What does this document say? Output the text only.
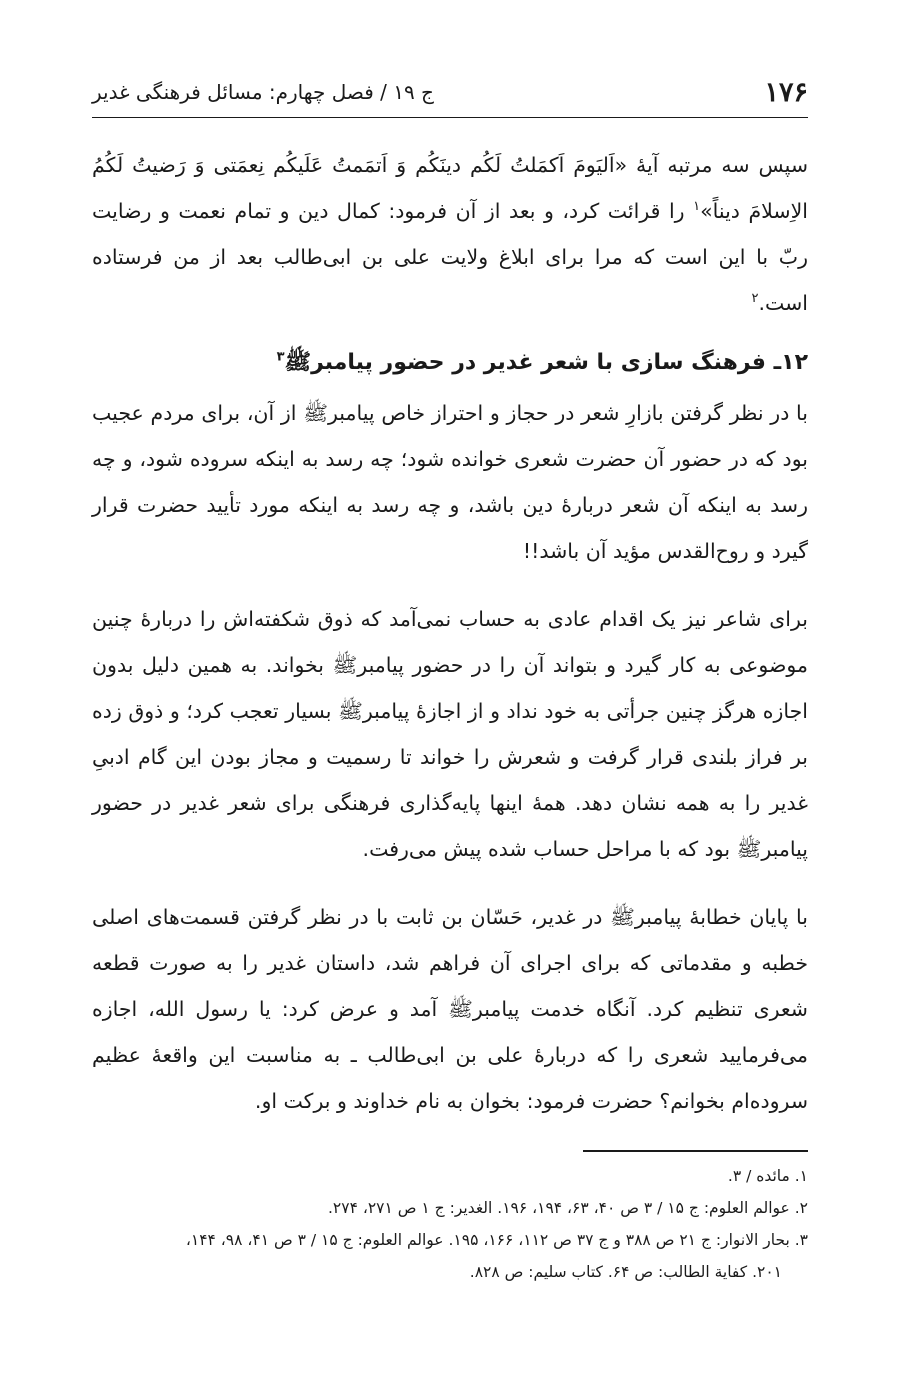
۱۷۶
ج ۱۹ / فصل چهارم: مسائل فرهنگی غدیر

سپس سه مرتبه آیهٔ «اَلیَومَ اَکمَلتُ لَکُم دینَکُم وَ اَتمَمتُ عَلَیکُم نِعمَتی وَ رَضیتُ لَکُمُ الاِسلامَ دیناً»$^۱$ را قرائت کرد، و بعد از آن فرمود: کمال دین و تمام نعمت و رضایت ربّ با این است که مرا برای ابلاغ ولایت علی بن ابی‌طالب بعد از من فرستاده است.$^۲$

۱۲ـ فرهنگ سازی با شعر غدیر در حضور پیامبرﷺ$^۳$

با در نظر گرفتن بازارِ شعر در حجاز و احتراز خاص پیامبرﷺ از آن، برای مردم عجیب بود که در حضور آن حضرت شعری خوانده شود؛ چه رسد به اینکه سروده شود، و چه رسد به اینکه آن شعر دربارهٔ دین باشد، و چه رسد به اینکه مورد تأیید حضرت قرار گیرد و روح‌القدس مؤید آن باشد!!

برای شاعر نیز یک اقدام عادی به حساب نمی‌آمد که ذوق شکفته‌اش را دربارهٔ چنین موضوعی به کار گیرد و بتواند آن را در حضور پیامبرﷺ بخواند. به همین دلیل بدون اجازه هرگز چنین جرأتی به خود نداد و از اجازهٔ پیامبرﷺ بسیار تعجب کرد؛ و ذوق زده بر فراز بلندی قرار گرفت و شعرش را خواند تا رسمیت و مجاز بودن این گام ادبیِ غدیر را به همه نشان دهد. همهٔ اینها پایه‌گذاری فرهنگی برای شعر غدیر در حضور پیامبرﷺ بود که با مراحل حساب شده پیش می‌رفت.

با پایان خطابهٔ پیامبرﷺ در غدیر، حَسّان بن ثابت با در نظر گرفتن قسمت‌های اصلی خطبه و مقدماتی که برای اجرای آن فراهم شد، داستان غدیر را به صورت قطعه شعری تنظیم کرد. آنگاه خدمت پیامبرﷺ آمد و عرض کرد: یا رسول الله، اجازه می‌فرمایید شعری را که دربارهٔ علی بن ابی‌طالب ـ به مناسبت این واقعهٔ عظیم سروده‌ام بخوانم؟ حضرت فرمود: بخوان به نام خداوند و برکت او.

۱. مائده / ۳.

۲. عوالم العلوم: ج ۱۵ / ۳ ص ۴۰، ۶۳، ۱۹۴، ۱۹۶. الغدیر: ج ۱ ص ۲۷۱، ۲۷۴.

۳. بحار الانوار: ج ۲۱ ص ۳۸۸ و ج ۳۷ ص ۱۱۲، ۱۶۶، ۱۹۵. عوالم العلوم: ج ۱۵ / ۳ ص ۴۱، ۹۸، ۱۴۴،

۲۰۱. کفایة الطالب: ص ۶۴. کتاب سلیم: ص ۸۲۸.
